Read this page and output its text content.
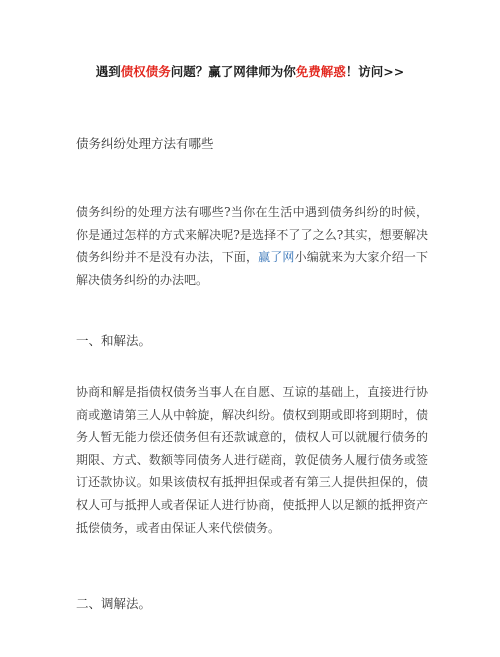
遇到债权债务问题？赢了网律师为你免费解惑！访问>>
债务纠纷处理方法有哪些
债务纠纷的处理方法有哪些?当你在生活中遇到债务纠纷的时候，你是通过怎样的方式来解决呢?是选择不了了之么?其实，想要解决债务纠纷并不是没有办法，下面，赢了网小编就来为大家介绍一下解决债务纠纷的办法吧。
一、和解法。
协商和解是指债权债务当事人在自愿、互谅的基础上，直接进行协商或邀请第三人从中斡旋，解决纠纷。债权到期或即将到期时，债务人暂无能力偿还债务但有还款诚意的，债权人可以就履行债务的期限、方式、数额等同债务人进行磋商，敦促债务人履行债务或签订还款协议。如果该债权有抵押担保或者有第三人提供担保的，债权人可与抵押人或者保证人进行协商，使抵押人以足额的抵押资产抵偿债务，或者由保证人来代偿债务。
二、调解法。
